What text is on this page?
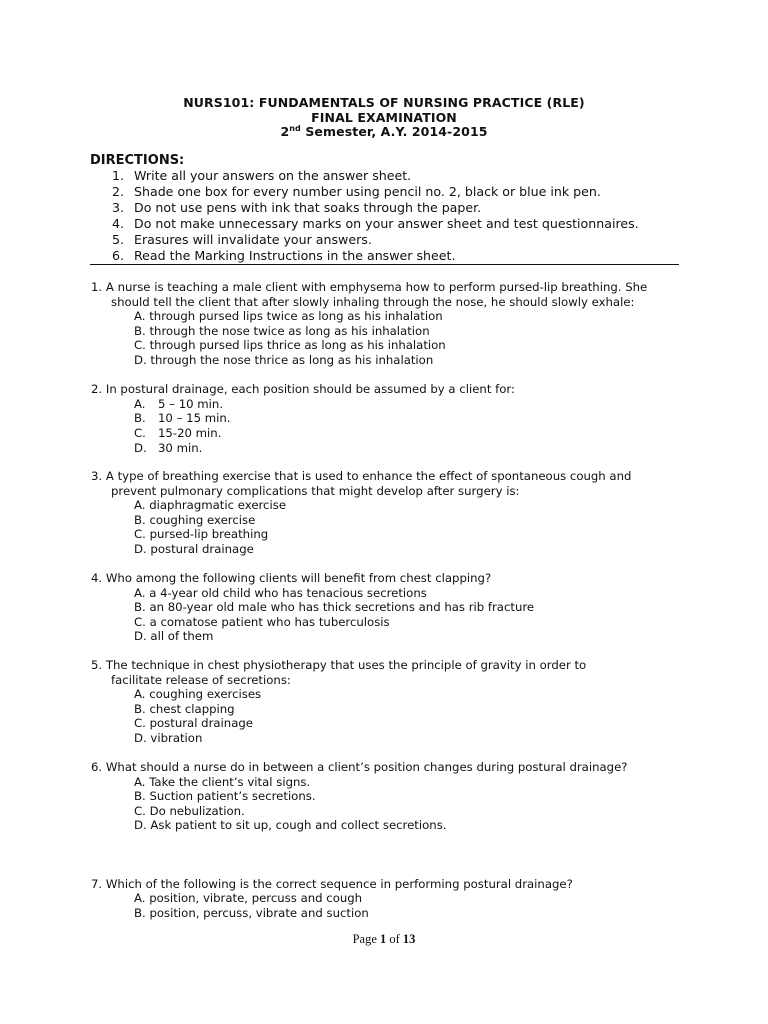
NURS101: FUNDAMENTALS OF NURSING PRACTICE (RLE)
FINAL EXAMINATION
2nd Semester, A.Y. 2014-2015
DIRECTIONS:
1. Write all your answers on the answer sheet.
2. Shade one box for every number using pencil no. 2, black or blue ink pen.
3. Do not use pens with ink that soaks through the paper.
4. Do not make unnecessary marks on your answer sheet and test questionnaires.
5. Erasures will invalidate your answers.
6. Read the Marking Instructions in the answer sheet.
1. A nurse is teaching a male client with emphysema how to perform pursed-lip breathing. She
should tell the client that after slowly inhaling through the nose, he should slowly exhale:
A. through pursed lips twice as long as his inhalation
B. through the nose twice as long as his inhalation
C. through pursed lips thrice as long as his inhalation
D. through the nose thrice as long as his inhalation
2. In postural drainage, each position should be assumed by a client for:
A. 5 – 10 min.
B. 10 – 15 min.
C. 15-20 min.
D. 30 min.
3. A type of breathing exercise that is used to enhance the effect of spontaneous cough and
prevent pulmonary complications that might develop after surgery is:
A. diaphragmatic exercise
B. coughing exercise
C. pursed-lip breathing
D. postural drainage
4. Who among the following clients will benefit from chest clapping?
A. a 4-year old child who has tenacious secretions
B. an 80-year old male who has thick secretions and has rib fracture
C. a comatose patient who has tuberculosis
D. all of them
5. The technique in chest physiotherapy that uses the principle of gravity in order to
facilitate release of secretions:
A. coughing exercises
B. chest clapping
C. postural drainage
D. vibration
6. What should a nurse do in between a client’s position changes during postural drainage?
A. Take the client’s vital signs.
B. Suction patient’s secretions.
C. Do nebulization.
D. Ask patient to sit up, cough and collect secretions.
7. Which of the following is the correct sequence in performing postural drainage?
A. position, vibrate, percuss and cough
B. position, percuss, vibrate and suction
Page 1 of 13
